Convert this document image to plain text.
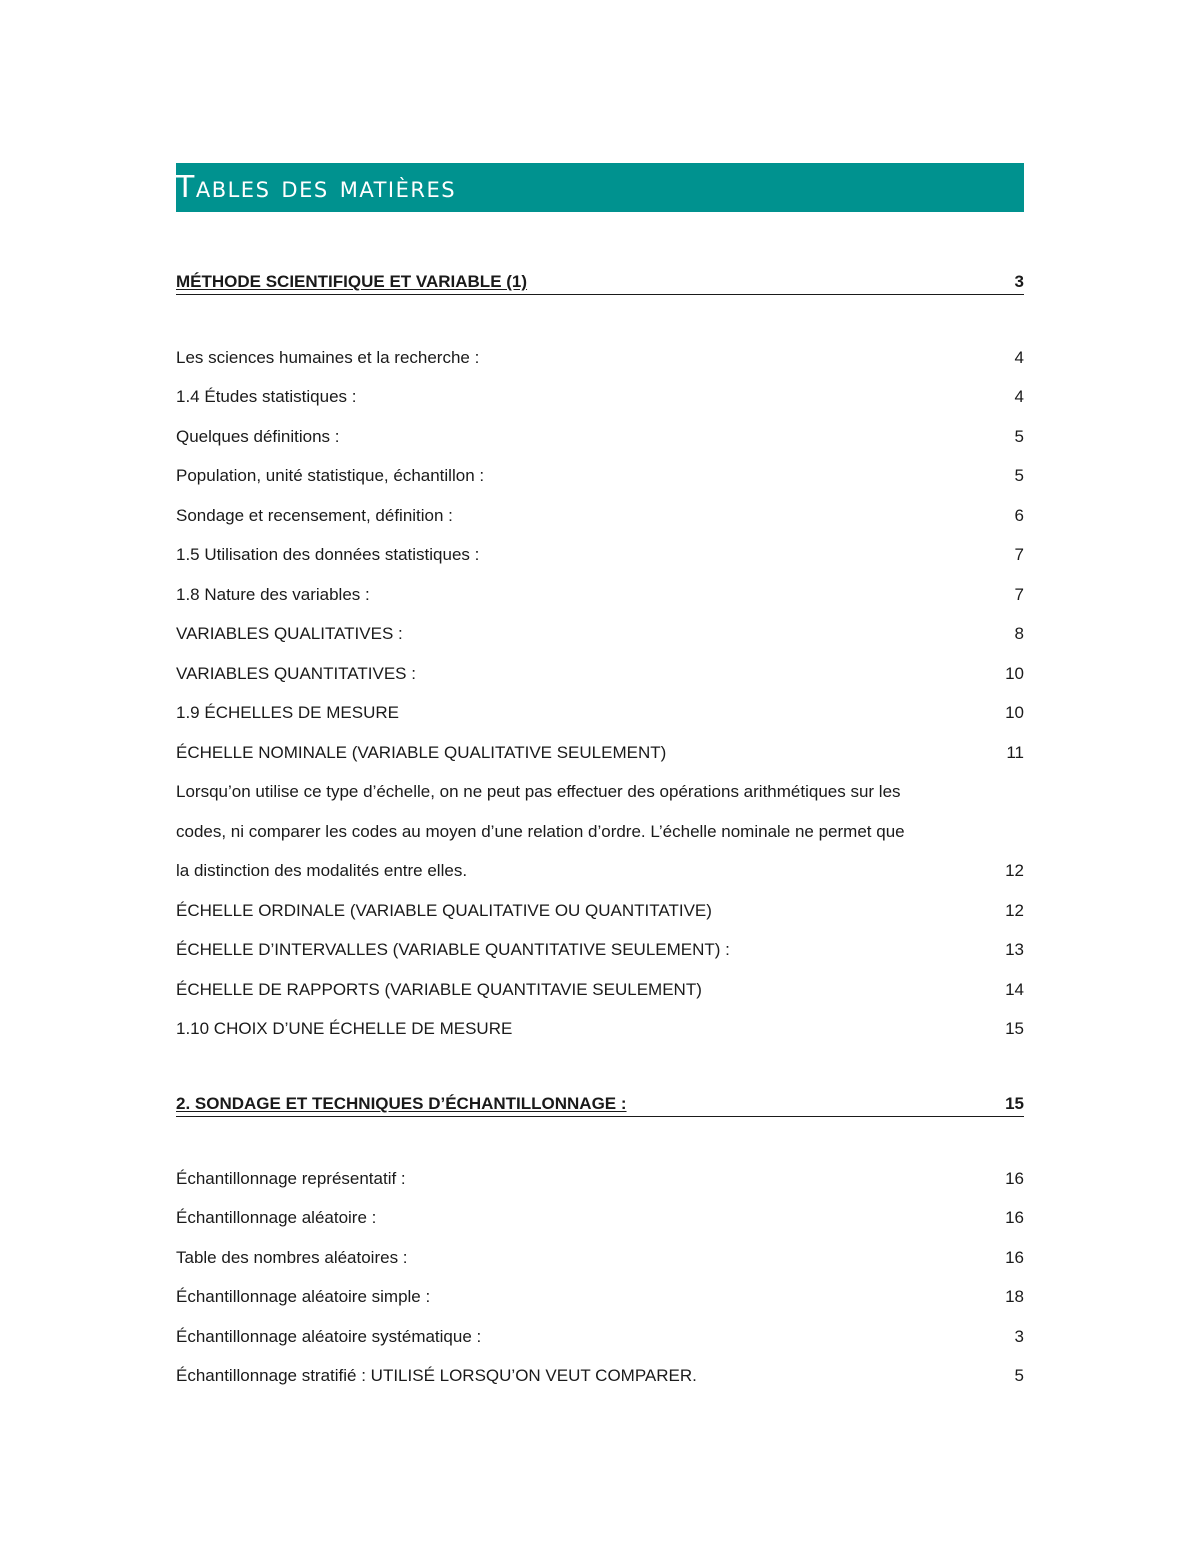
Tables des matières
MÉTHODE SCIENTIFIQUE ET VARIABLE (1)	3
Les sciences humaines et la recherche :	4
1.4 Études statistiques :	4
Quelques définitions :	5
Population, unité statistique, échantillon :	5
Sondage et recensement, définition :	6
1.5 Utilisation des données statistiques :	7
1.8 Nature des variables :	7
VARIABLES QUALITATIVES :	8
VARIABLES QUANTITATIVES :	10
1.9 ÉCHELLES DE MESURE	10
ÉCHELLE NOMINALE (VARIABLE QUALITATIVE SEULEMENT)	11
Lorsqu’on utilise ce type d’échelle, on ne peut pas effectuer des opérations arithmétiques sur les
codes, ni comparer les codes au moyen d’une relation d’ordre. L’échelle nominale ne permet que
la distinction des modalités entre elles.	12
ÉCHELLE ORDINALE (VARIABLE QUALITATIVE OU QUANTITATIVE)	12
ÉCHELLE D’INTERVALLES (VARIABLE QUANTITATIVE SEULEMENT) :	13
ÉCHELLE DE RAPPORTS (VARIABLE QUANTITAVIE SEULEMENT)	14
1.10 CHOIX D’UNE ÉCHELLE DE MESURE	15
2. SONDAGE ET TECHNIQUES D’ÉCHANTILLONNAGE :	15
Échantillonnage représentatif :	16
Échantillonnage aléatoire :	16
Table des nombres aléatoires :	16
Échantillonnage aléatoire simple :	18
Échantillonnage aléatoire systématique :	3
Échantillonnage stratifié : UTILISÉ LORSQU’ON VEUT COMPARER.	5
